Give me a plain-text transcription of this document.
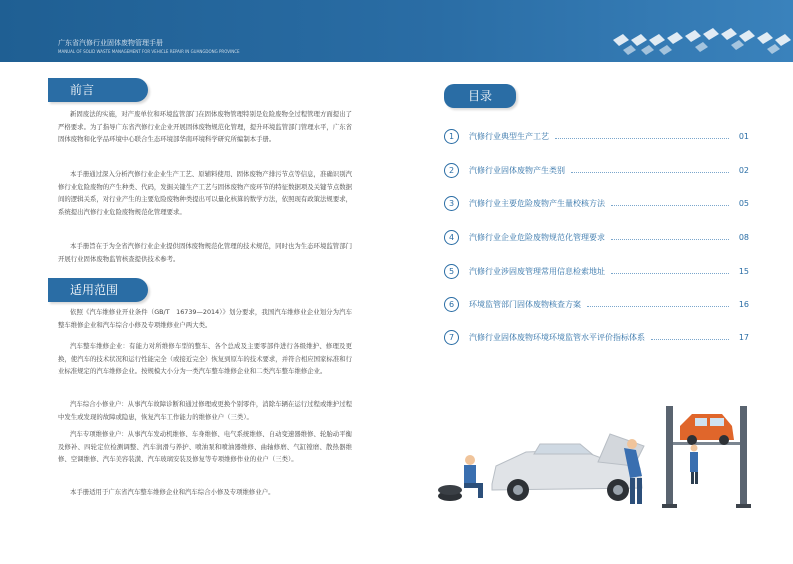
广东省汽修行业固体废物管理手册
MANUAL OF SOLID WASTE MANAGEMENT FOR VEHICLE REPAIR IN GUANGDONG PROVINCE
前言

新固废法的实施，对产废单位和环境监管部门在固体废物管理特别是危险废物全过程管理方面提出了严格要求。为了指导广东省汽修行业企业开展固体废物规范化管理，提升环境监管部门管理水平，广东省固体废物和化学品环境中心联合生态环境部华南环境科学研究所编制本手册。

本手册通过深入分析汽修行业企业生产工艺、原辅料使用、固体废物产排污节点等信息，准确识别汽修行业危险废物的产生种类、代码，发掘关键生产工艺与固体废物产废环节的特征数据项及关键节点数据间的逻辑关系，对行业产生的主要危险废物种类提出可以量化核算的数学方法，依照现有政策法规要求，系统提出汽修行业危险废物规范化管理要求。

本手册旨在于为全省汽修行业企业提供固体废物规范化管理的技术规范，同时也为生态环境监管部门开展行业固体废物监管核查提供技术参考。

适用范围

依照《汽车维修业开业条件（GB/T　16739—2014）》划分要求，我国汽车维修业企业划分为汽车整车维修企业和汽车综合小修及专项维修业户两大类。

汽车整车维修企业：有能力对所维修车型的整车、各个总成及主要零部件进行各级维护、修理及更换，使汽车的技术状况和运行性能完全（或接近完全）恢复到原车的技术要求，并符合相应国家标准和行业标准规定的汽车维修企业。按规模大小分为一类汽车整车维修企业和二类汽车整车维修企业。

汽车综合小修业户：从事汽车故障诊断和通过修理或更换个别零件，消除车辆在运行过程或维护过程中发生或发现的故障或隐患，恢复汽车工作能力的维修业户（三类）。

汽车专项维修业户：从事汽车发动机维修、车身维修、电气系统维修、自动变速器维修、轮胎动平衡及修补、四轮定位检测调整、汽车润滑与养护、喷油泵和喷油器维修、曲轴修磨、气缸镗磨、散热器维修、空调维修、汽车美容装潢、汽车玻璃安装及修复等专项维修作业的业户（三类）。

本手册适用于广东省汽车整车维修企业和汽车综合小修及专项维修业户。

目录
1	汽修行业典型生产工艺	01
2	汽修行业固体废物产生类别	02
3	汽修行业主要危险废物产生量校核方法	05
4	汽修行业企业危险废物规范化管理要求	08
5	汽修行业涉固废管理常用信息检索地址	15
6	环境监管部门固体废物核查方案	16
7	汽修行业固体废物环境环境监管水平评价指标体系	17
